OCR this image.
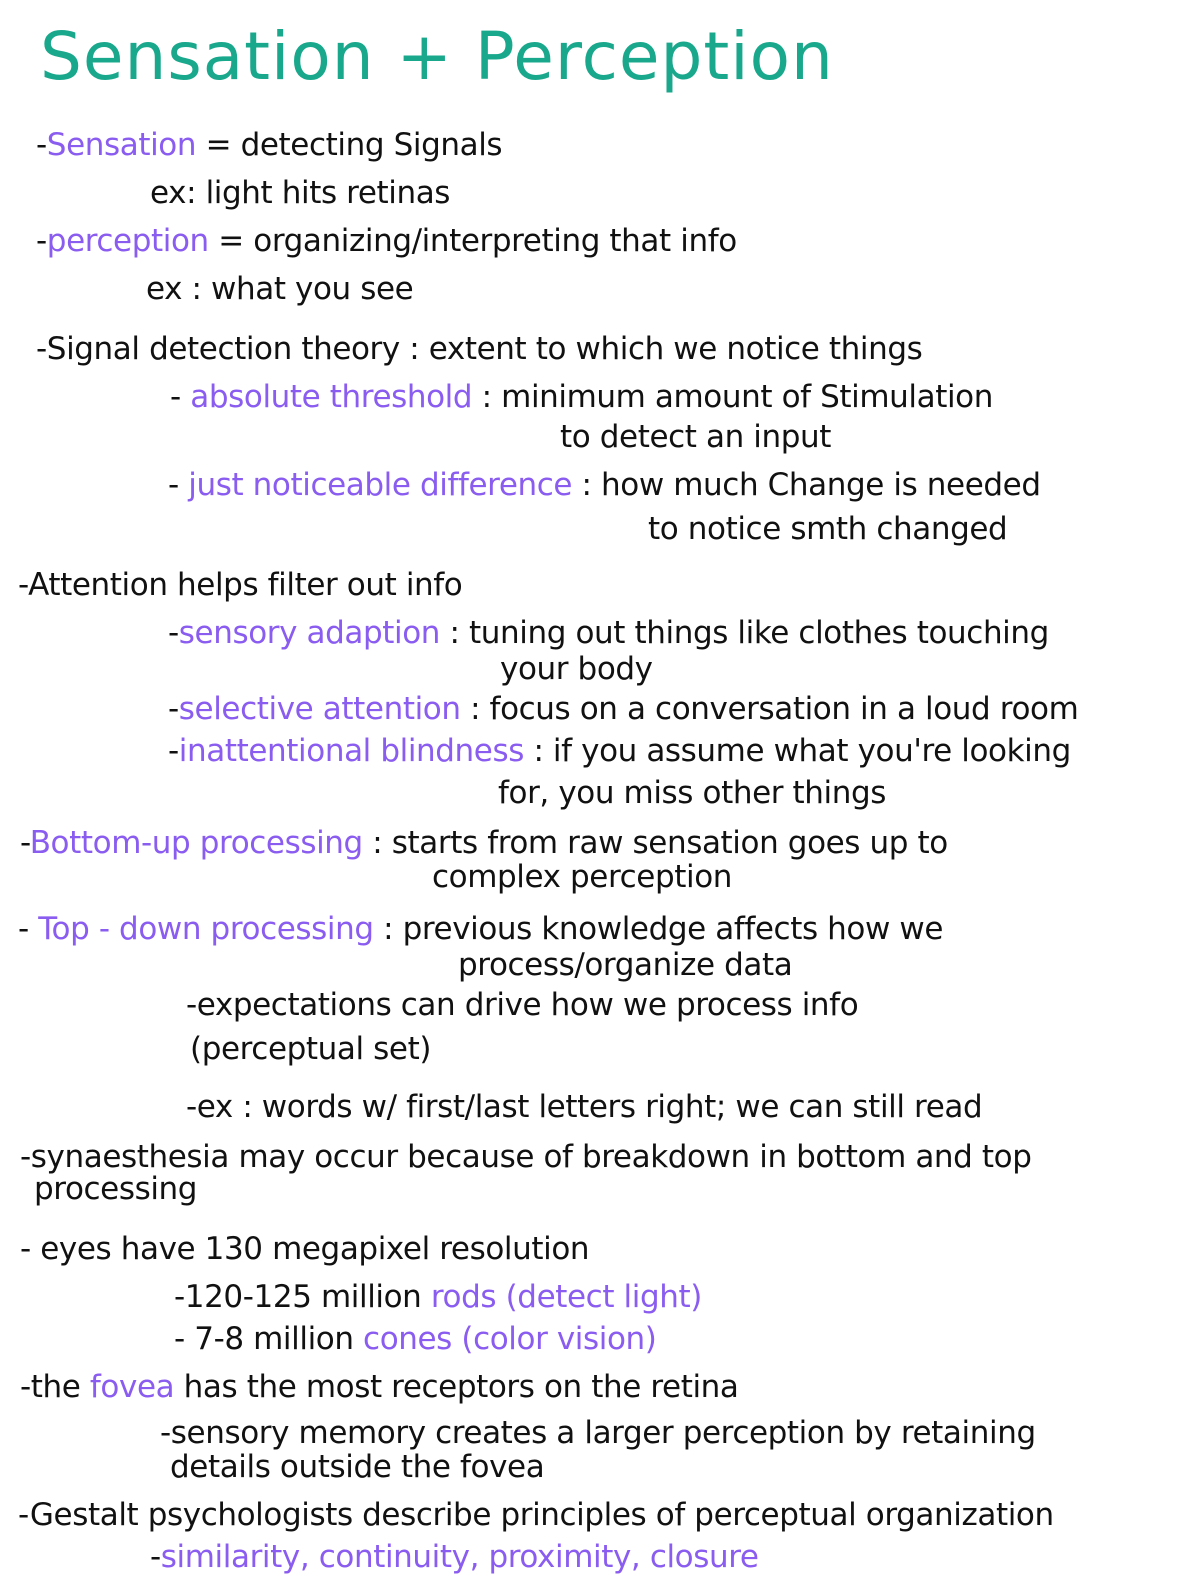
Sensation + Perception

-Sensation = detecting Signals

ex: light hits retinas

-perception = organizing/interpreting that info

ex : what you see

-Signal detection theory : extent to which we notice things

- absolute threshold : minimum amount of Stimulation

to detect an input

- just noticeable difference : how much Change is needed

to notice smth changed

-Attention helps filter out info

-sensory adaption : tuning out things like clothes touching

your body

-selective attention : focus on a conversation in a loud room

-inattentional blindness : if you assume what you're looking

for, you miss other things

-Bottom-up processing : starts from raw sensation goes up to

complex perception

- Top - down processing : previous knowledge affects how we

process/organize data

-expectations can drive how we process info

(perceptual set)

-ex : words w/ first/last letters right; we can still read

-synaesthesia may occur because of breakdown in bottom and top

processing

- eyes have 130 megapixel resolution

-120-125 million rods (detect light)

- 7-8 million cones (color vision)

-the fovea has the most receptors on the retina

-sensory memory creates a larger perception by retaining

details outside the fovea

-Gestalt psychologists describe principles of perceptual organization

-similarity, continuity, proximity, closure
